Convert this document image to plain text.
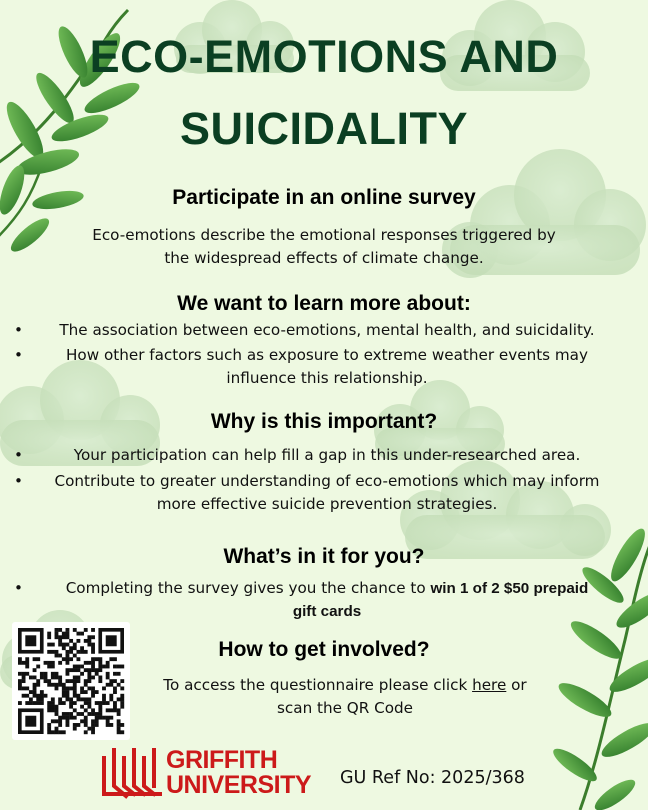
ECO-EMOTIONS AND
SUICIDALITY
Participate in an online survey
Eco-emotions describe the emotional responses triggered by
the widespread effects of climate change.
We want to learn more about:
•	The association between eco-emotions, mental health, and suicidality.
•	How other factors such as exposure to extreme weather events may
influence this relationship.
Why is this important?
•	Your participation can help fill a gap in this under-researched area.
•	Contribute to greater understanding of eco-emotions which may inform
more effective suicide prevention strategies.
What’s in it for you?
•	Completing the survey gives you the chance to win 1 of 2 $50 prepaid
gift cards
How to get involved?
To access the questionnaire please click here or
scan the QR Code
GRIFFITH
UNIVERSITY GU Ref No: 2025/368
